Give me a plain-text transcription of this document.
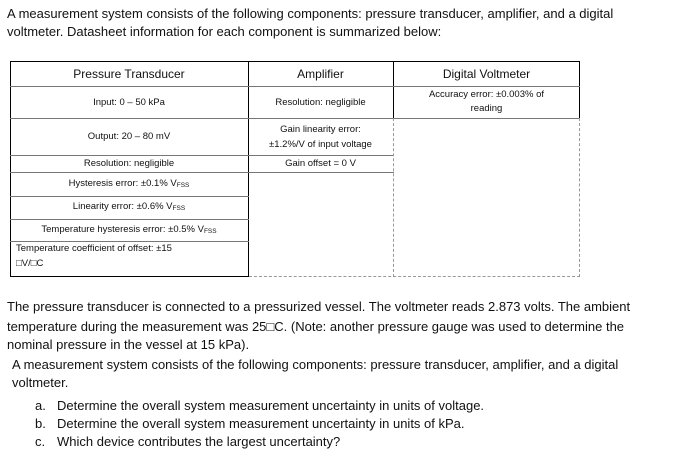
A measurement system consists of the following components: pressure transducer, amplifier, and a digital
voltmeter. Datasheet information for each component is summarized below:
Pressure Transducer	Amplifier	Digital Voltmeter
Input: 0 – 50 kPa
Output: 20 – 80 mV
Resolution: negligible
Hysteresis error: ±0.1% $V_{FSS}$
Linearity error: ±0.6% $V_{FSS}$
Temperature hysteresis error: ±0.5% $V_{FSS}$
Temperature coefficient of offset: ±15
□V/□C
Resolution: negligible
Gain linearity error:
±1.2%/V of input voltage
Gain offset = 0 V
Accuracy error: ±0.003% of
reading
The pressure transducer is connected to a pressurized vessel. The voltmeter reads 2.873 volts. The ambient
temperature during the measurement was 25□C. (Note: another pressure gauge was used to determine the
nominal pressure in the vessel at 15 kPa).
A measurement system consists of the following components: pressure transducer, amplifier, and a digital
voltmeter.
a. Determine the overall system measurement uncertainty in units of voltage.
b. Determine the overall system measurement uncertainty in units of kPa.
c. Which device contributes the largest uncertainty?
